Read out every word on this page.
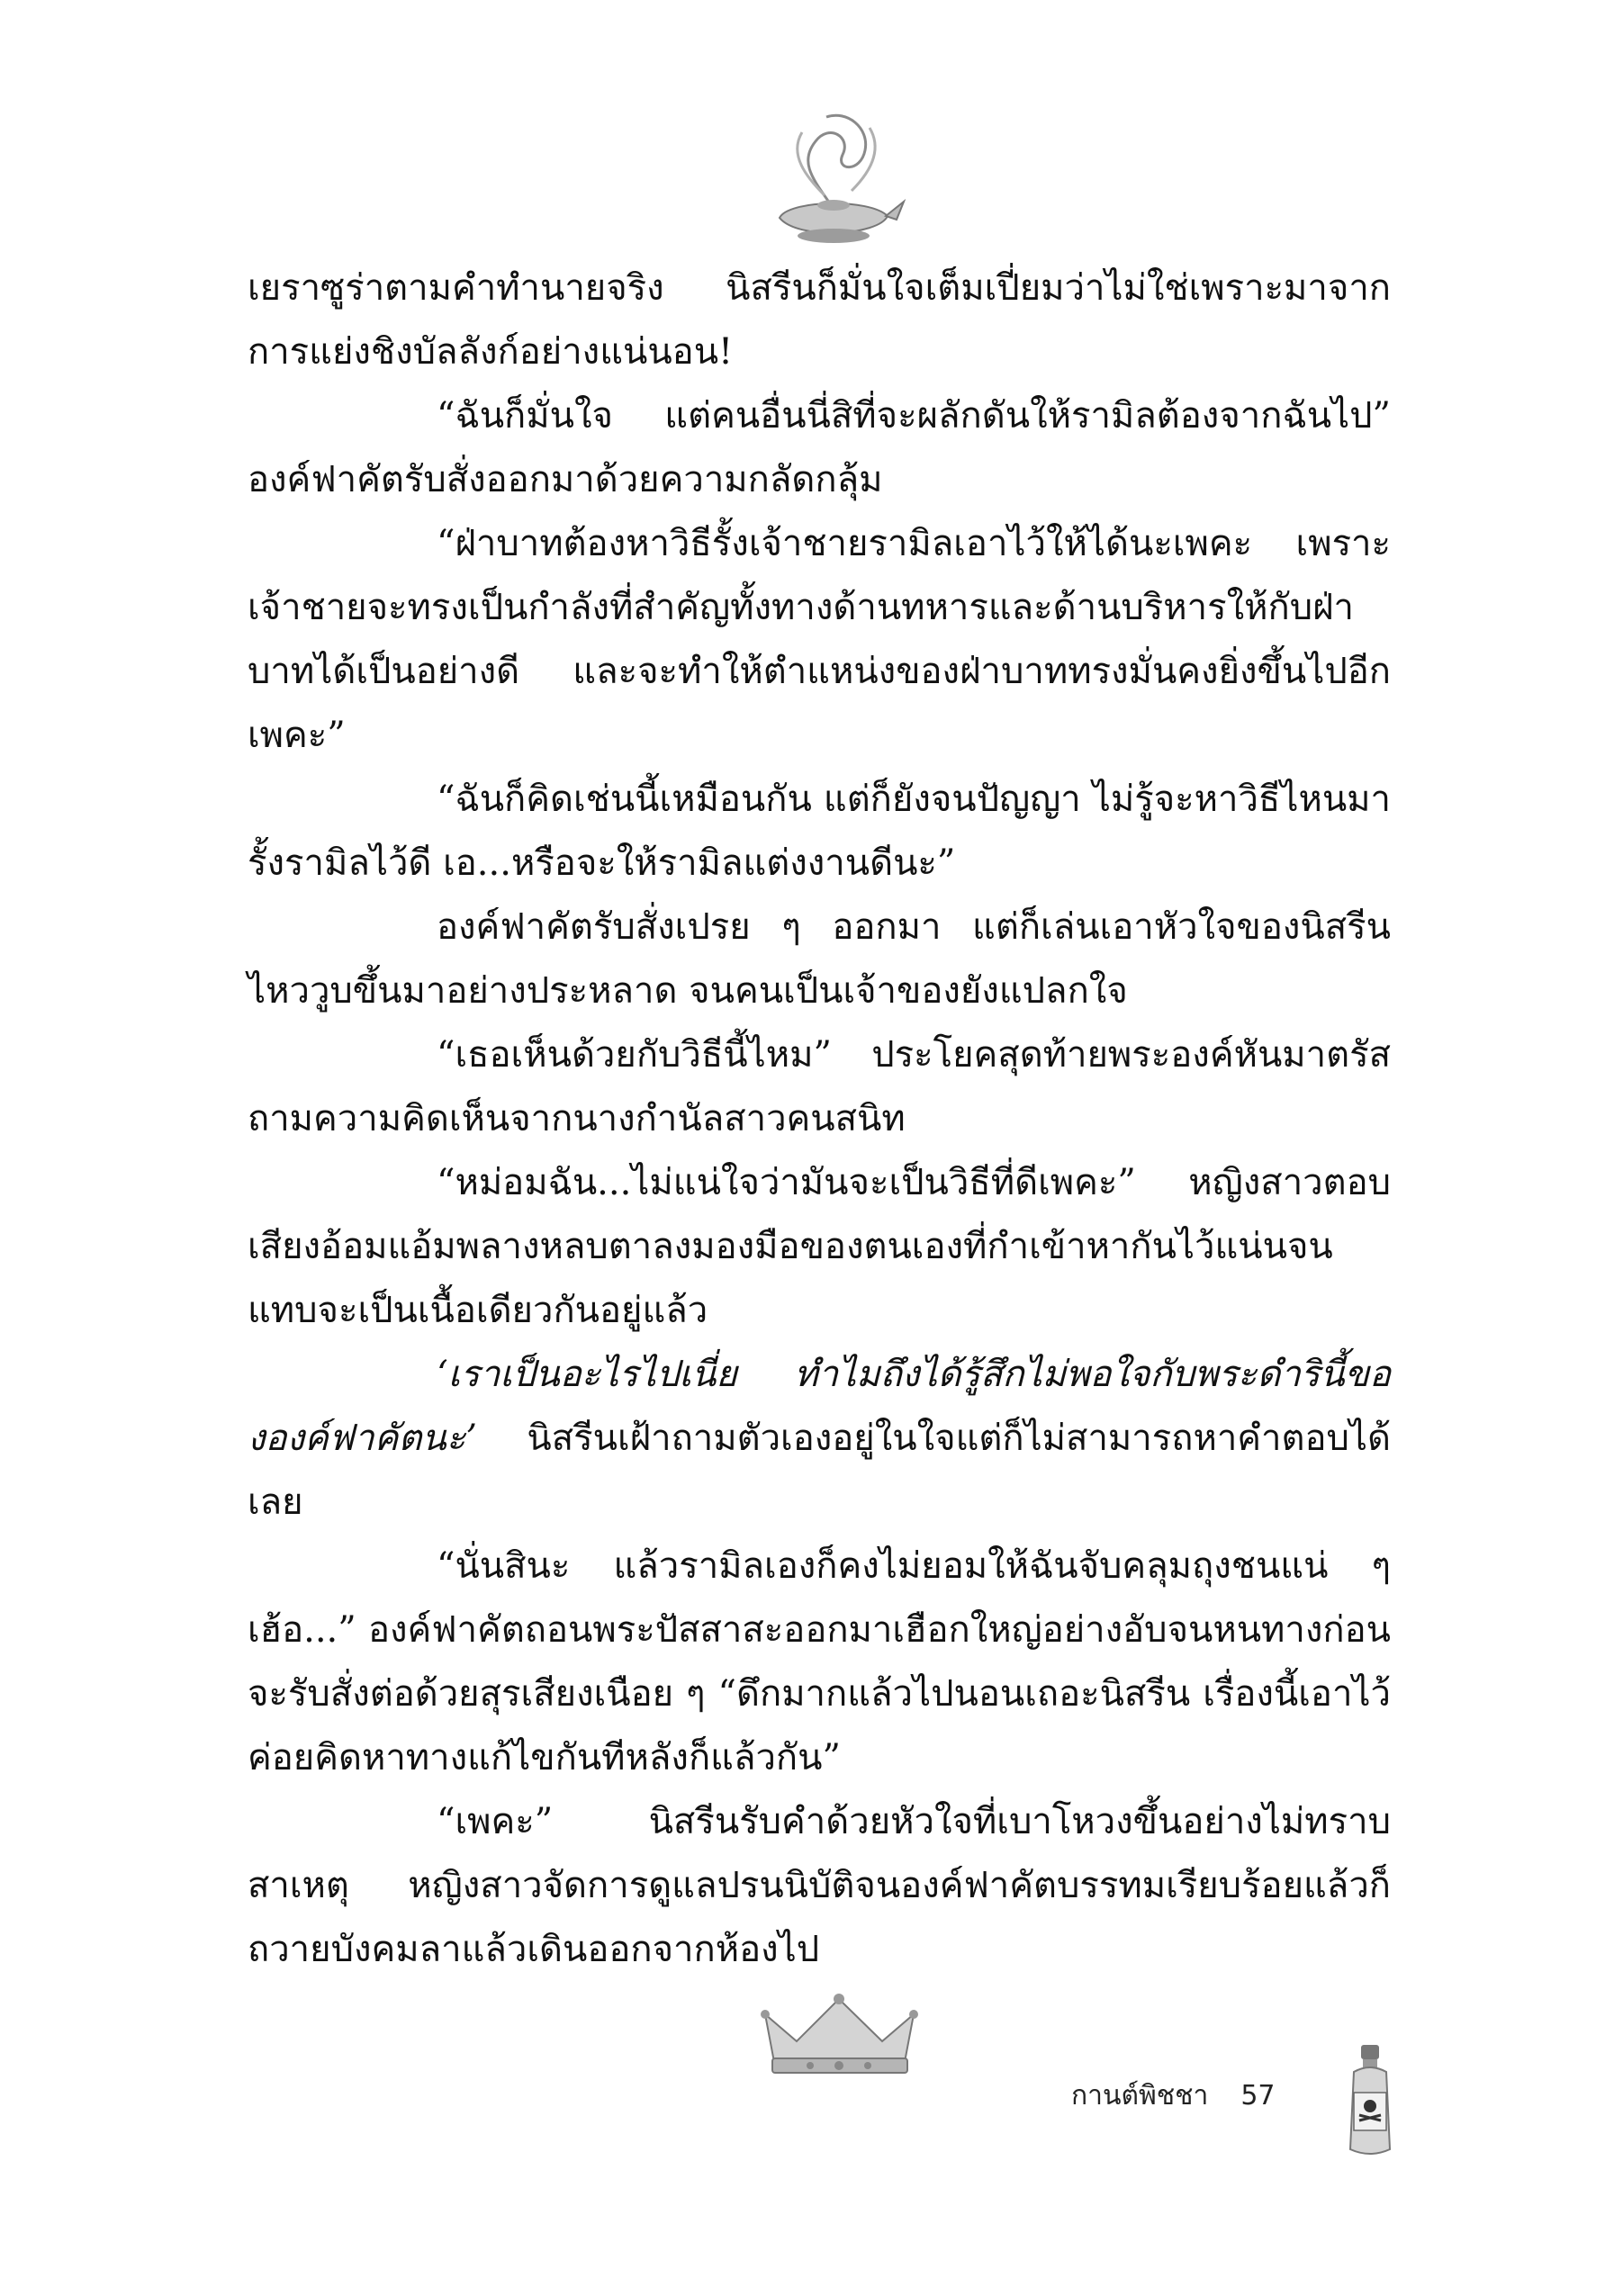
เยราซูร่าตามคำทำนายจริง นิสรีนก็มั่นใจเต็มเปี่ยมว่าไม่ใช่เพราะมาจากการแย่งชิงบัลลังก์อย่างแน่นอน!

“ฉันก็มั่นใจ แต่คนอื่นนี่สิที่จะผลักดันให้รามิลต้องจากฉันไป” องค์ฟาคัตรับสั่งออกมาด้วยความกลัดกลุ้ม

“ฝ่าบาทต้องหาวิธีรั้งเจ้าชายรามิลเอาไว้ให้ได้นะเพคะ เพราะเจ้าชายจะทรงเป็นกำลังที่สำคัญทั้งทางด้านทหารและด้านบริหารให้กับฝ่าบาทได้เป็นอย่างดี และจะทำให้ตำแหน่งของฝ่าบาททรงมั่นคงยิ่งขึ้นไปอีกเพคะ”

“ฉันก็คิดเช่นนี้เหมือนกัน แต่ก็ยังจนปัญญา ไม่รู้จะหาวิธีไหนมารั้งรามิลไว้ดี เอ...หรือจะให้รามิลแต่งงานดีนะ”

องค์ฟาคัตรับสั่งเปรย ๆ ออกมา แต่ก็เล่นเอาหัวใจของนิสรีนไหววูบขึ้นมาอย่างประหลาด จนคนเป็นเจ้าของยังแปลกใจ

“เธอเห็นด้วยกับวิธีนี้ไหม” ประโยคสุดท้ายพระองค์หันมาตรัสถามความคิดเห็นจากนางกำนัลสาวคนสนิท

“หม่อมฉัน...ไม่แน่ใจว่ามันจะเป็นวิธีที่ดีเพคะ” หญิงสาวตอบเสียงอ้อมแอ้มพลางหลบตาลงมองมือของตนเองที่กำเข้าหากันไว้แน่นจนแทบจะเป็นเนื้อเดียวกันอยู่แล้ว

‘เราเป็นอะไรไปเนี่ย ทำไมถึงได้รู้สึกไม่พอใจกับพระดำรินี้ขององค์ฟาคัตนะ’ นิสรีนเฝ้าถามตัวเองอยู่ในใจแต่ก็ไม่สามารถหาคำตอบได้เลย

“นั่นสินะ แล้วรามิลเองก็คงไม่ยอมให้ฉันจับคลุมถุงชนแน่ ๆ เฮ้อ...” องค์ฟาคัตถอนพระปัสสาสะออกมาเฮือกใหญ่อย่างอับจนหนทางก่อนจะรับสั่งต่อด้วยสุรเสียงเนือย ๆ “ดึกมากแล้วไปนอนเถอะนิสรีน เรื่องนี้เอาไว้ค่อยคิดหาทางแก้ไขกันทีหลังก็แล้วกัน”

“เพคะ” นิสรีนรับคำด้วยหัวใจที่เบาโหวงขึ้นอย่างไม่ทราบสาเหตุ หญิงสาวจัดการดูแลปรนนิบัติจนองค์ฟาคัตบรรทมเรียบร้อยแล้วก็ถวายบังคมลาแล้วเดินออกจากห้องไป

กานต์พิชชา 57
